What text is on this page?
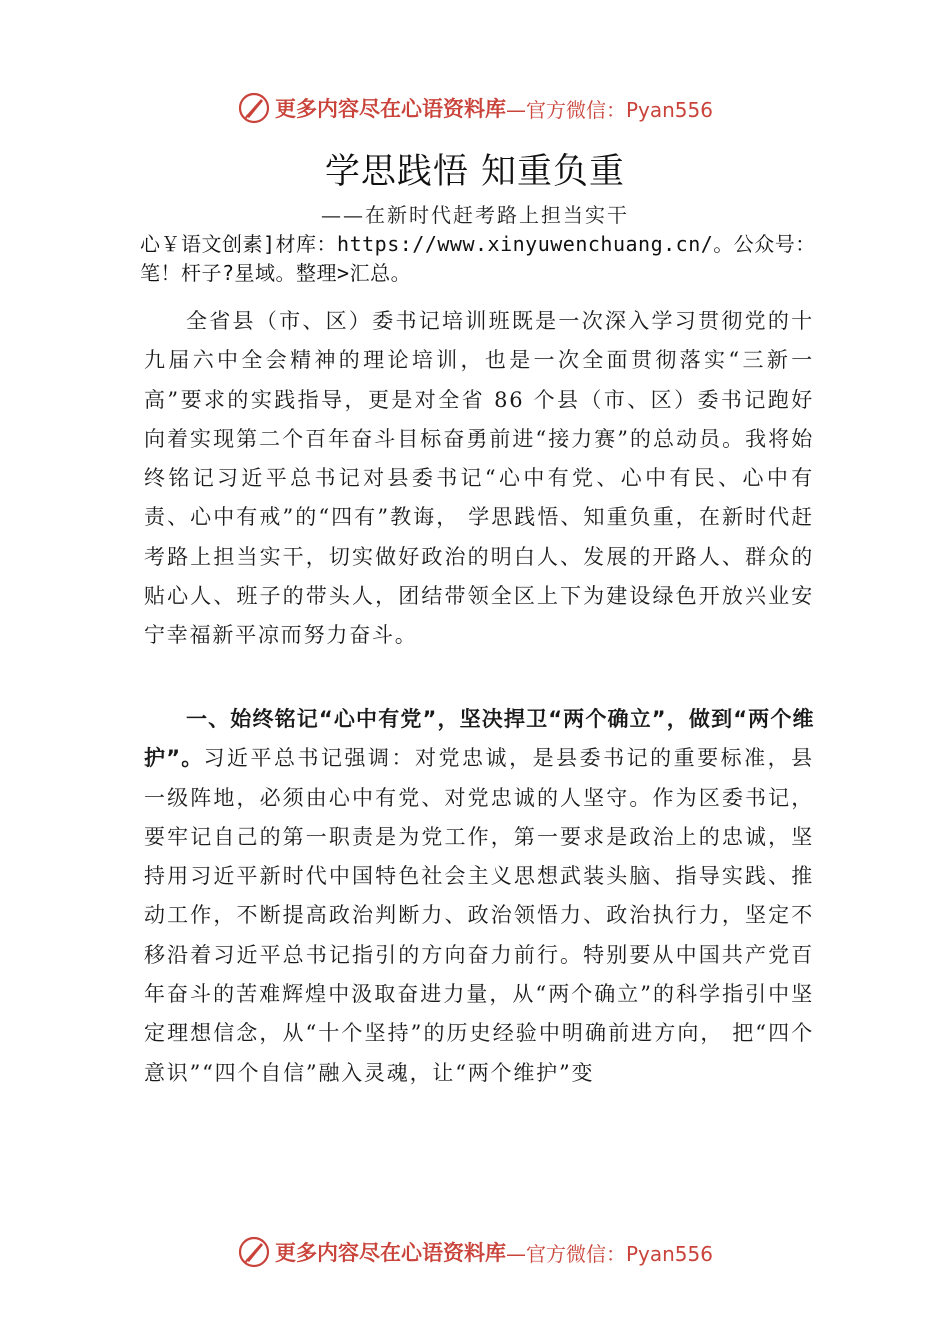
更多内容尽在心语资料库 —官方微信：Pyan556
学思践悟 知重负重
——在新时代赶考路上担当实干
心￥语文创素]材库：https://www.xinyuwenchuang.cn/。公众号：笔！杆子?星域。整理>汇总。
全省县（市、区）委书记培训班既是一次深入学习贯彻党的十九届六中全会精神的理论培训，也是一次全面贯彻落实“三新一高”要求的实践指导，更是对全省 86 个县（市、区）委书记跑好向着实现第二个百年奋斗目标奋勇前进“接力赛”的总动员。我将始终铭记习近平总书记对县委书记“心中有党、心中有民、心中有责、心中有戒”的“四有”教诲， 学思践悟、知重负重，在新时代赶考路上担当实干，切实做好政治的明白人、发展的开路人、群众的贴心人、班子的带头人，团结带领全区上下为建设绿色开放兴业安宁幸福新平凉而努力奋斗。
一、始终铭记“心中有党”，坚决捍卫“两个确立”，做到“两个维护”。习近平总书记强调：对党忠诚，是县委书记的重要标准，县一级阵地，必须由心中有党、对党忠诚的人坚守。作为区委书记，要牢记自己的第一职责是为党工作，第一要求是政治上的忠诚，坚持用习近平新时代中国特色社会主义思想武装头脑、指导实践、推动工作，不断提高政治判断力、政治领悟力、政治执行力，坚定不移沿着习近平总书记指引的方向奋力前行。特别要从中国共产党百年奋斗的苦难辉煌中汲取奋进力量，从“两个确立”的科学指引中坚定理想信念，从“十个坚持”的历史经验中明确前进方向， 把“四个意识”“四个自信”融入灵魂，让“两个维护”变
更多内容尽在心语资料库 —官方微信：Pyan556
